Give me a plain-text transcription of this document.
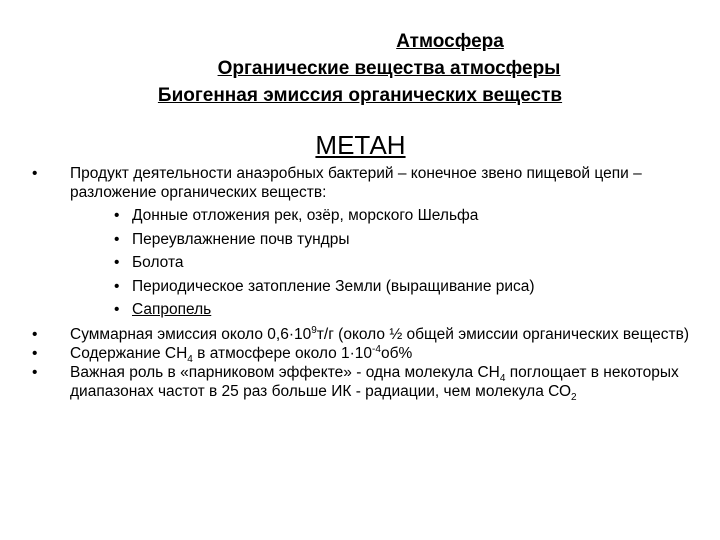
Атмосфера
Органические вещества атмосферы
Биогенная эмиссия органических веществ
МЕТАН
•	Продукт деятельности анаэробных бактерий – конечное звено пищевой цепи – разложение органических веществ:
• Донные отложения рек, озёр, морского Шельфа
• Переувлажнение почв тундры
• Болота
• Периодическое затопление Земли (выращивание риса)
• Сапропель
•	Суммарная эмиссия около $0,6\cdot 10^9т/г$ (около ½ общей эмиссии органических веществ)
•	Содержание $СН_4$ в атмосфере около $1\cdot 10^{-4}об\%$
•	Важная роль в «парниковом эффекте» - одна молекула $СН_4$ поглощает в некоторых диапазонах частот в 25 раз больше ИК - радиации, чем молекула $СО_2$
